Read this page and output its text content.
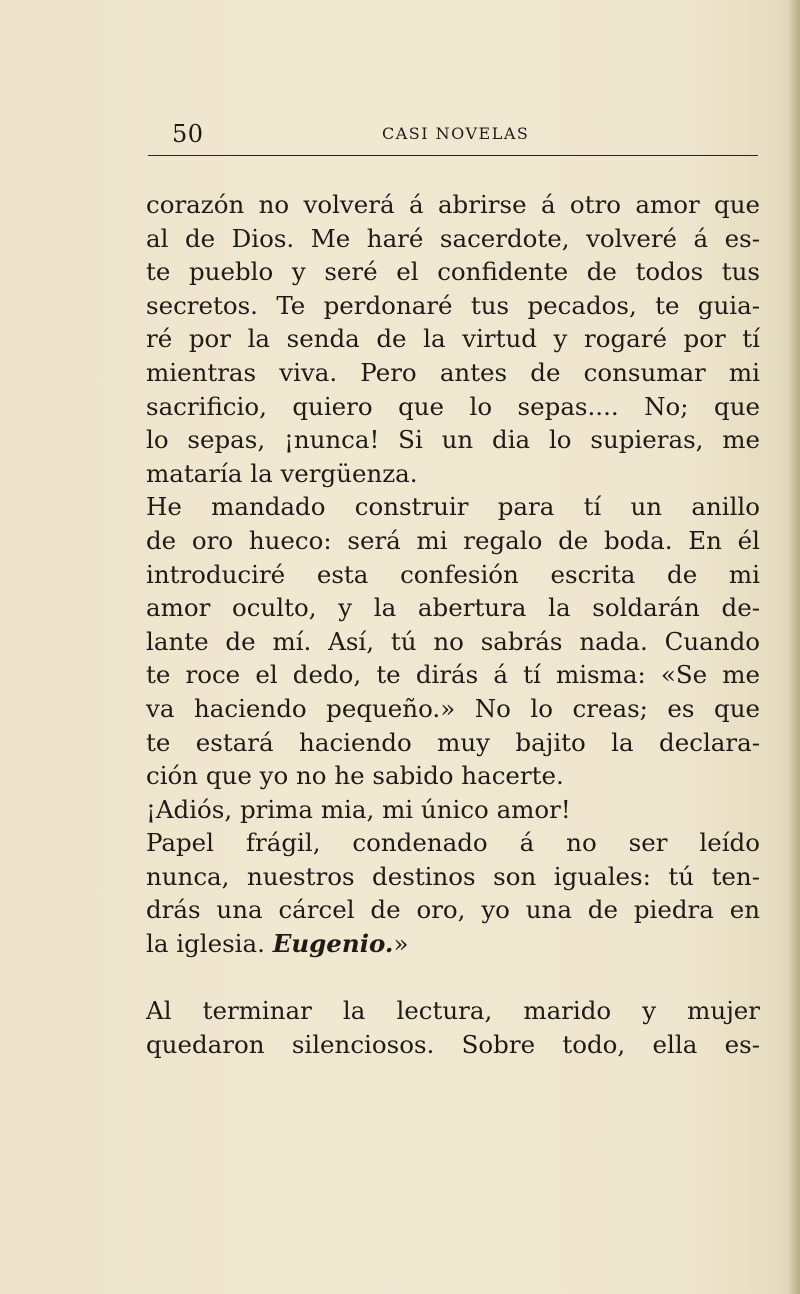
50	CASI NOVELAS
corazón no volverá á abrirse á otro amor que
al de Dios. Me haré sacerdote, volveré á es-
te pueblo y seré el confidente de todos tus
secretos. Te perdonaré tus pecados, te guia-
ré por la senda de la virtud y rogaré por tí
mientras viva. Pero antes de consumar mi
sacrificio, quiero que lo sepas.... No; que
lo sepas, ¡nunca! Si un dia lo supieras, me
mataría la vergüenza.
He mandado construir para tí un anillo
de oro hueco: será mi regalo de boda. En él
introduciré esta confesión escrita de mi
amor oculto, y la abertura la soldarán de-
lante de mí. Así, tú no sabrás nada. Cuando
te roce el dedo, te dirás á tí misma: «Se me
va haciendo pequeño.» No lo creas; es que
te estará haciendo muy bajito la declara-
ción que yo no he sabido hacerte.
¡Adiós, prima mia, mi único amor!
Papel frágil, condenado á no ser leído
nunca, nuestros destinos son iguales: tú ten-
drás una cárcel de oro, yo una de piedra en
la iglesia. Eugenio.»
Al terminar la lectura, marido y mujer
quedaron silenciosos. Sobre todo, ella es-
